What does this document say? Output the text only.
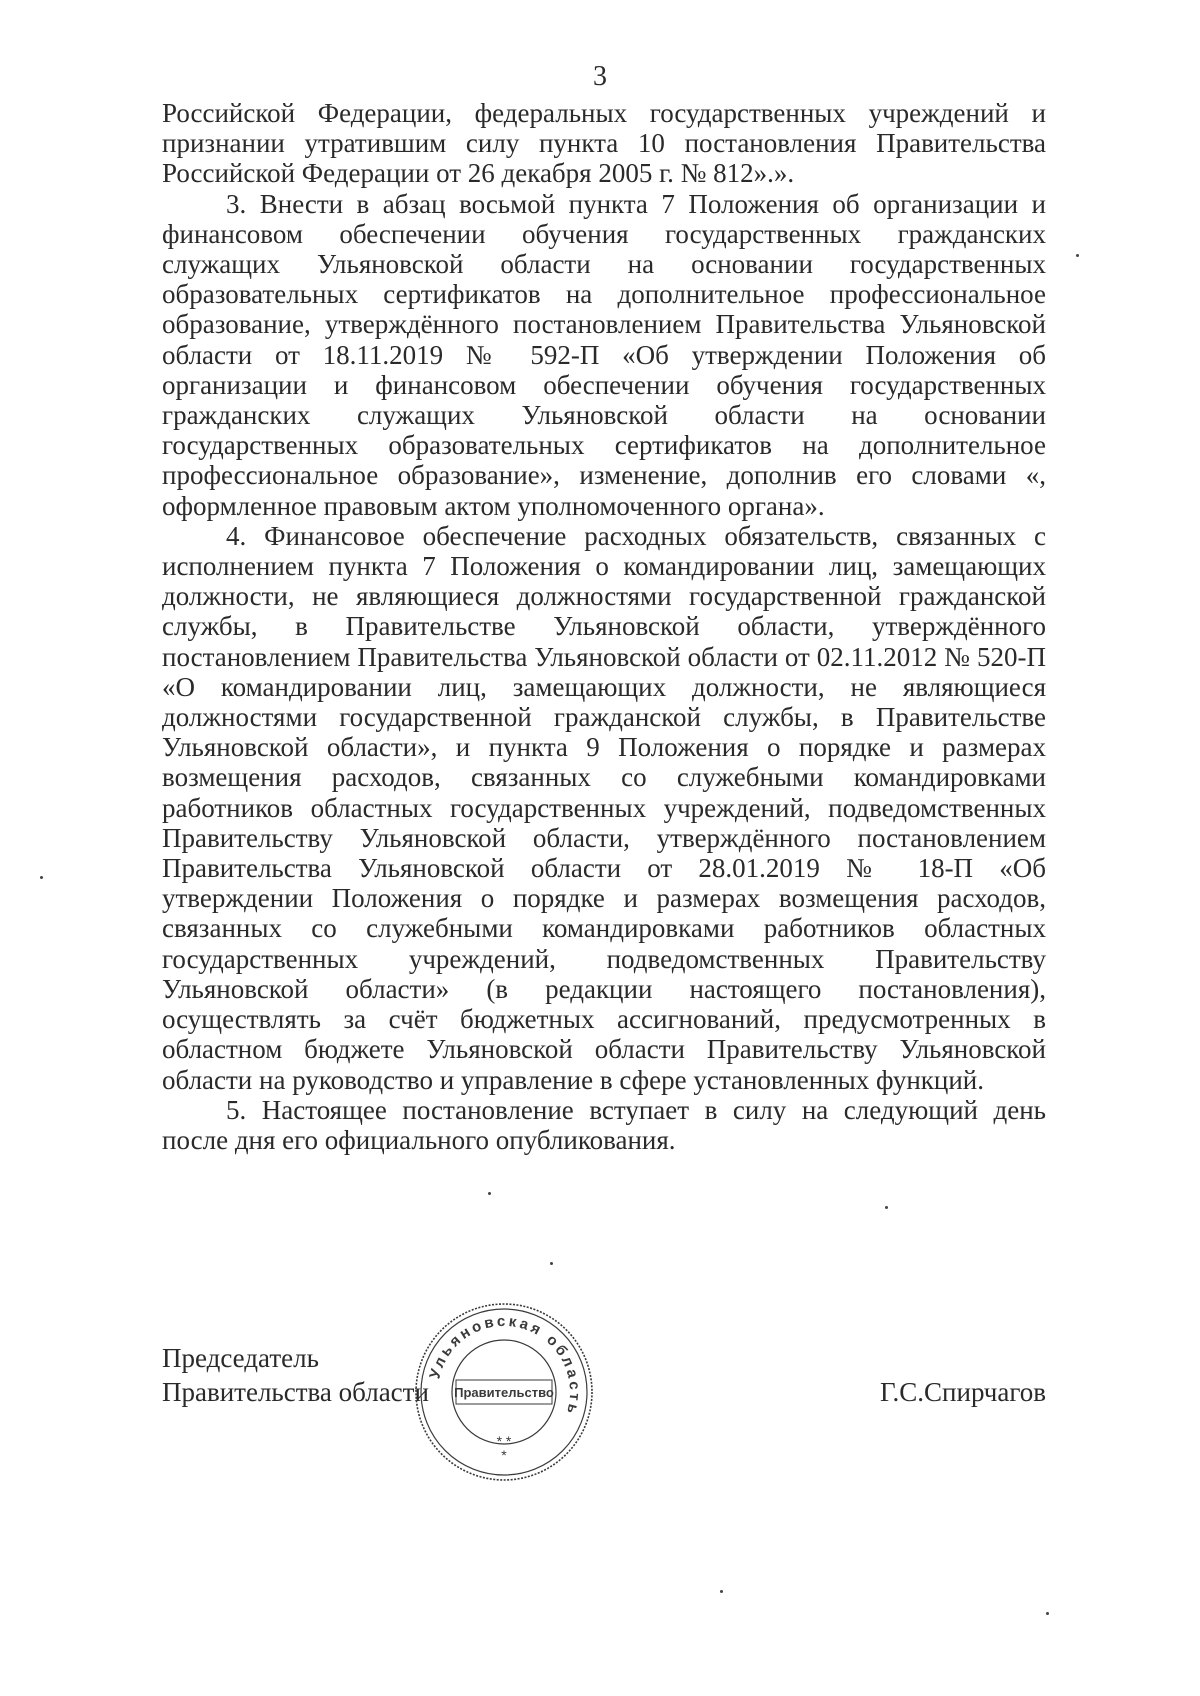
3

Российской Федерации, федеральных государственных учреждений и признании утратившим силу пункта 10 постановления Правительства Российской Федерации от 26 декабря 2005 г. № 812».».

3. Внести в абзац восьмой пункта 7 Положения об организации и финансовом обеспечении обучения государственных гражданских служащих Ульяновской области на основании государственных образовательных сертификатов на дополнительное профессиональное образование, утверждённого постановлением Правительства Ульяновской области от 18.11.2019 № 592-П «Об утверждении Положения об организации и финансовом обеспечении обучения государственных гражданских служащих Ульяновской области на основании государственных образовательных сертификатов на дополнительное профессиональное образование», изменение, дополнив его словами «, оформленное правовым актом уполномоченного органа».

4. Финансовое обеспечение расходных обязательств, связанных с исполнением пункта 7 Положения о командировании лиц, замещающих должности, не являющиеся должностями государственной гражданской службы, в Правительстве Ульяновской области, утверждённого постановлением Правительства Ульяновской области от 02.11.2012 № 520-П «О командировании лиц, замещающих должности, не являющиеся должностями государственной гражданской службы, в Правительстве Ульяновской области», и пункта 9 Положения о порядке и размерах возмещения расходов, связанных со служебными командировками работников областных государственных учреждений, подведомственных Правительству Ульяновской области, утверждённого постановлением Правительства Ульяновской области от 28.01.2019 № 18-П «Об утверждении Положения о порядке и размерах возмещения расходов, связанных со служебными командировками работников областных государственных учреждений, подведомственных Правительству Ульяновской области» (в редакции настоящего постановления), осуществлять за счёт бюджетных ассигнований, предусмотренных в областном бюджете Ульяновской области Правительству Ульяновской области на руководство и управление в сфере установленных функций.

5. Настоящее постановление вступает в силу на следующий день после дня его официального опубликования.

Председатель
Правительства области
Ульяновская область
Правительство
* *
*
Г.С.Спирчагов
